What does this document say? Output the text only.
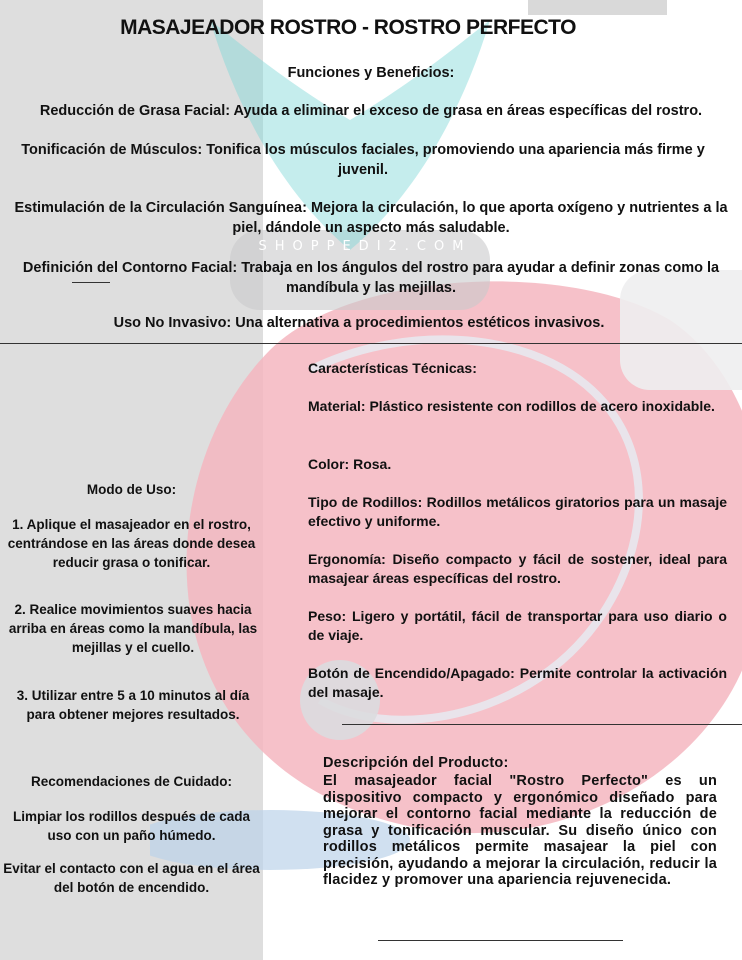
SHOPPEDI2.COM
MASAJEADOR ROSTRO - ROSTRO PERFECTO
Funciones y Beneficios:
Reducción de Grasa Facial: Ayuda a eliminar el exceso de grasa en áreas específicas del rostro.
Tonificación de Músculos: Tonifica los músculos faciales, promoviendo una apariencia más firme y juvenil.
Estimulación de la Circulación Sanguínea: Mejora la circulación, lo que aporta oxígeno y nutrientes a la piel, dándole un aspecto más saludable.
Definición del Contorno Facial: Trabaja en los ángulos del rostro para ayudar a definir zonas como la mandíbula y las mejillas.
Uso No Invasivo: Una alternativa a procedimientos estéticos invasivos.
Modo de Uso:
1. Aplique el masajeador en el rostro, centrándose en las áreas donde desea reducir grasa o tonificar.
2. Realice movimientos suaves hacia arriba en áreas como la mandíbula, las mejillas y el cuello.
3. Utilizar entre 5 a 10 minutos al día para obtener mejores resultados.
Recomendaciones de Cuidado:
Limpiar los rodillos después de cada uso con un paño húmedo.
Evitar el contacto con el agua en el área del botón de encendido.
Características Técnicas:
Material: Plástico resistente con rodillos de acero inoxidable.
Color: Rosa.
Tipo de Rodillos: Rodillos metálicos giratorios para un masaje efectivo y uniforme.
Ergonomía: Diseño compacto y fácil de sostener, ideal para masajear áreas específicas del rostro.
Peso: Ligero y portátil, fácil de transportar para uso diario o de viaje.
Botón de Encendido/Apagado: Permite controlar la activación del masaje.
Descripción del Producto:
El masajeador facial "Rostro Perfecto" es un dispositivo compacto y ergonómico diseñado para mejorar el contorno facial mediante la reducción de grasa y tonificación muscular. Su diseño único con rodillos metálicos permite masajear la piel con precisión, ayudando a mejorar la circulación, reducir la flacidez y promover una apariencia rejuvenecida.
